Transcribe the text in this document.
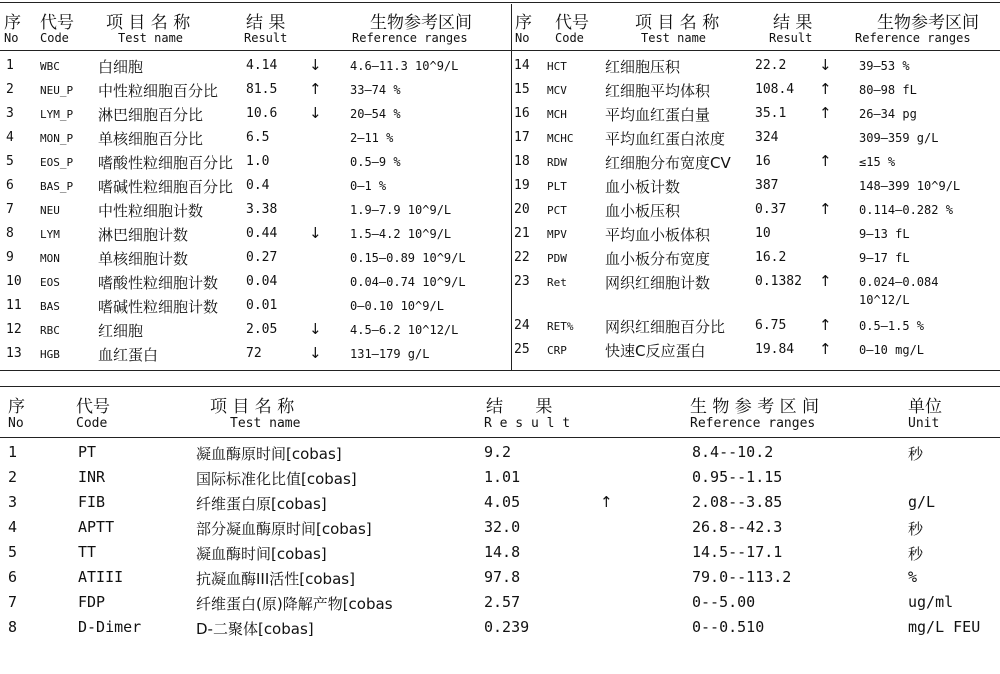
序
No
代号
Code
项 目 名 称
Test name
结 果
Result
生物参考区间
Reference ranges
1 WBC	白细胞	4.14 ↓ 4.6—11.3 10^9/L
2 NEU_P 中性粒细胞百分比 81.5 ↑ 33—74 %
3 LYM_P 淋巴细胞百分比	10.6 ↓ 20—54 %
4 MON_P 单核细胞百分比	6.5	2—11 %
5 EOS_P 嗜酸性粒细胞百分比 1.0	0.5—9 %
6 BAS_P 嗜碱性粒细胞百分比 0.4	0—1 %
7 NEU	中性粒细胞计数	3.38	1.9—7.9 10^9/L
8 LYM	淋巴细胞计数	0.44 ↓ 1.5—4.2 10^9/L
9 MON	单核细胞计数	0.27	0.15—0.89 10^9/L
10 EOS	嗜酸性粒细胞计数 0.04	0.04—0.74 10^9/L
11 BAS	嗜碱性粒细胞计数 0.01	0—0.10 10^9/L
12 RBC	红细胞	2.05 ↓ 4.5—6.2 10^12/L
13 HGB	血红蛋白	72	↓ 131—179 g/L
序
No
代号
Code
项 目 名 称
Test name
结 果
Result
生物参考区间
Reference ranges
14 HCT	红细胞压积	22.2 ↓ 39—53 %
15 MCV	红细胞平均体积	108.4 ↑ 80—98 fL
16 MCH	平均血红蛋白量	35.1 ↑ 26—34 pg
17 MCHC 平均血红蛋白浓度 324	309—359 g/L
18 RDW	红细胞分布宽度CV 16	↑ ≤15 %
19 PLT	血小板计数	387	148—399 10^9/L
20 PCT	血小板压积	0.37 ↑ 0.114—0.282 %
21 MPV	平均血小板体积	10	9—13 fL
22 PDW	血小板分布宽度	16.2	9—17 fL
23 Ret	网织红细胞计数	0.1382 ↑ 0.024—0.084
10^12/L
24 RET% 网织红细胞百分比 6.75 ↑ 0.5—1.5 %
25 CRP	快速C反应蛋白	19.84 ↑ 0—10 mg/L
序
No
代号
Code
项 目 名 称
Test name
结      果
R e s u l t
生 物 参 考 区 间
Reference ranges
单位
Unit
1	PT	凝血酶原时间[cobas]	9.2	8.4--10.2	秒
2	INR	国际标准化比值[cobas]	1.01	0.95--1.15
3	FIB	纤维蛋白原[cobas]	4.05	↑	2.08--3.85	g/L
4	APTT	部分凝血酶原时间[cobas]	32.0	26.8--42.3	秒
5	TT	凝血酶时间[cobas]	14.8	14.5--17.1	秒
6	ATIII	抗凝血酶III活性[cobas]	97.8	79.0--113.2	%
7	FDP	纤维蛋白(原)降解产物[cobas	2.57	0--5.00	ug/ml
8	D-Dimer	D-二聚体[cobas]	0.239	0--0.510	mg/L FEU
